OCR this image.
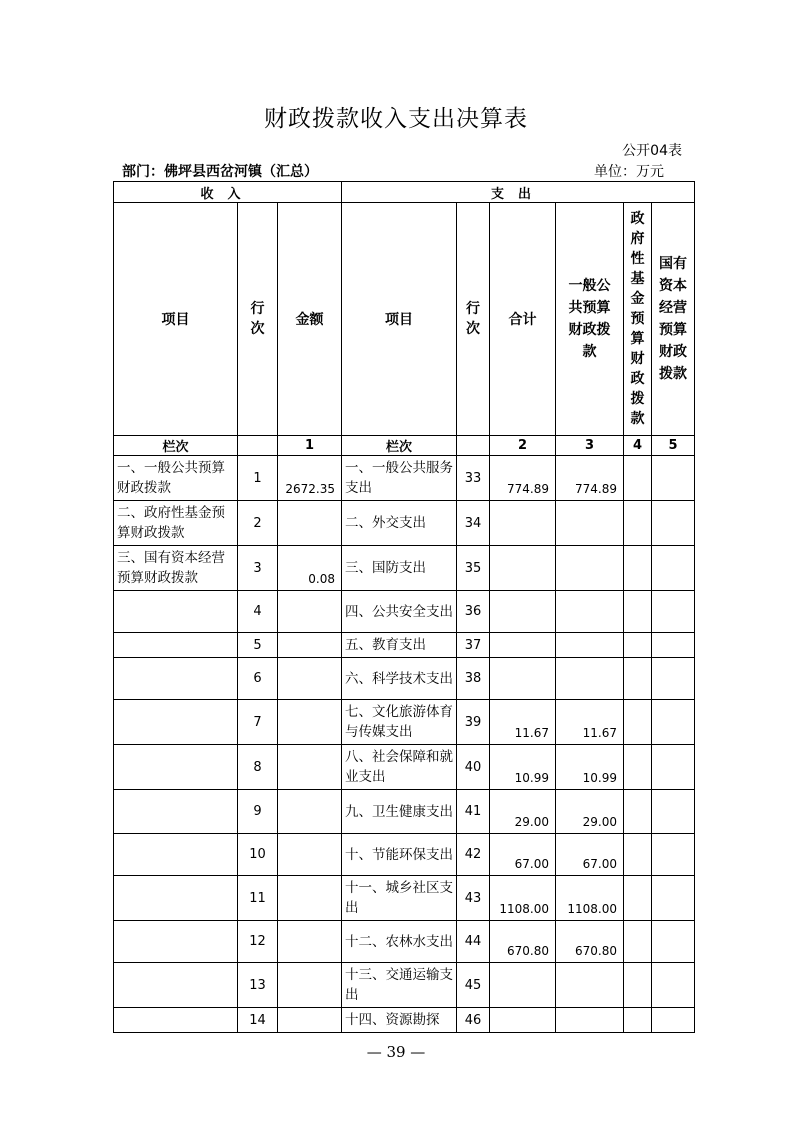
财政拨款收入支出决算表
公开04表
部门：佛坪县西岔河镇（汇总）	单位：万元
收入			支出					
项目	行次	金额	项目	行次	合计	一般公共预算财政拨款	政府性基金预算财政拨款	国有资本经营预算财政拨款
栏次		1	栏次		2	3	4	5
一、一般公共预算财政拨款	1	2672.35	一、一般公共服务支出	33	774.89	774.89		
二、政府性基金预算财政拨款	2		二、外交支出	34				
三、国有资本经营预算财政拨款	3	0.08	三、国防支出	35				
	4		四、公共安全支出	36				
	5		五、教育支出	37				
	6		六、科学技术支出	38				
	7		七、文化旅游体育与传媒支出	39	11.67	11.67		
	8		八、社会保障和就业支出	40	10.99	10.99		
	9		九、卫生健康支出	41	29.00	29.00		
	10		十、节能环保支出	42	67.00	67.00		
	11		十一、城乡社区支出	43	1108.00	1108.00		
	12		十二、农林水支出	44	670.80	670.80		
	13		十三、交通运输支出	45				
	14		十四、资源勘探	46				
— 39 —
